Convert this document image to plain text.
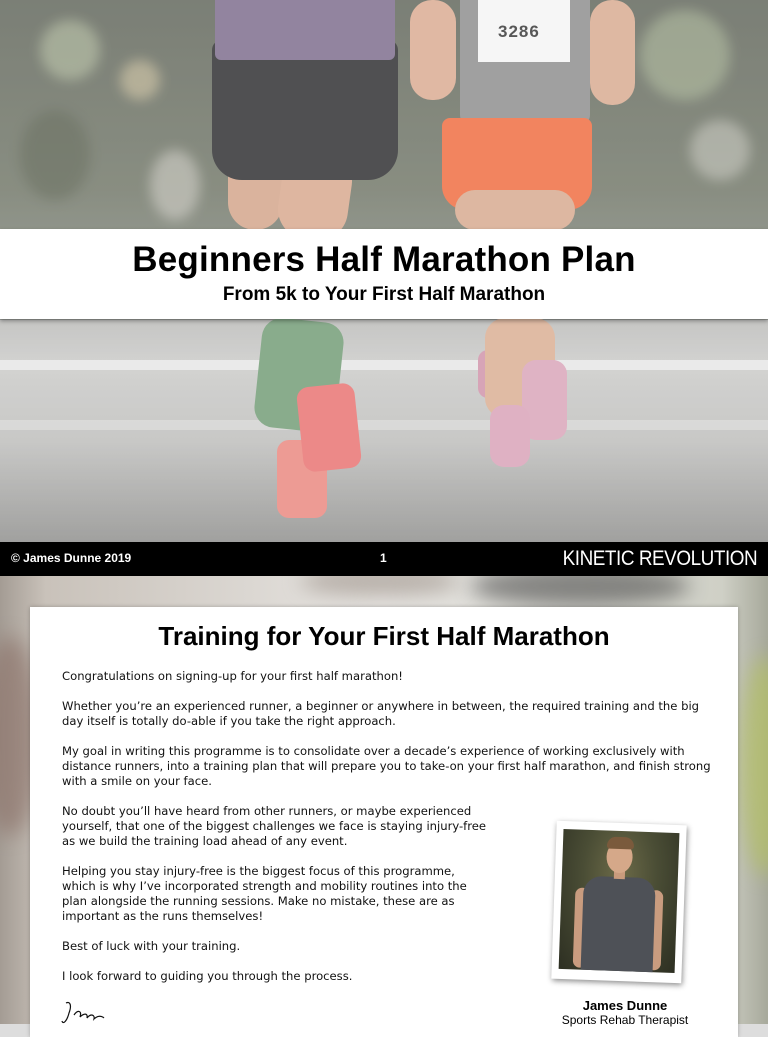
3286
Beginners Half Marathon Plan
From 5k to Your First Half Marathon
© James Dunne 2019	1	KINETIC REVOLUTION
Training for Your First Half Marathon

Congratulations on signing-up for your first half marathon!

Whether you’re an experienced runner, a beginner or anywhere in between, the required training and the big day itself is totally do-able if you take the right approach.

My goal in writing this programme is to consolidate over a decade’s experience of working exclusively with distance runners, into a training plan that will prepare you to take-on your first half marathon, and finish strong with a smile on your face.

No doubt you’ll have heard from other runners, or maybe experienced yourself, that one of the biggest challenges we face is staying injury-free as we build the training load ahead of any event.

Helping you stay injury-free is the biggest focus of this programme, which is why I’ve incorporated strength and mobility routines into the plan alongside the running sessions. Make no mistake, these are as important as the runs themselves!

Best of luck with your training.

I look forward to guiding you through the process.

James Dunne
Sports Rehab Therapist
